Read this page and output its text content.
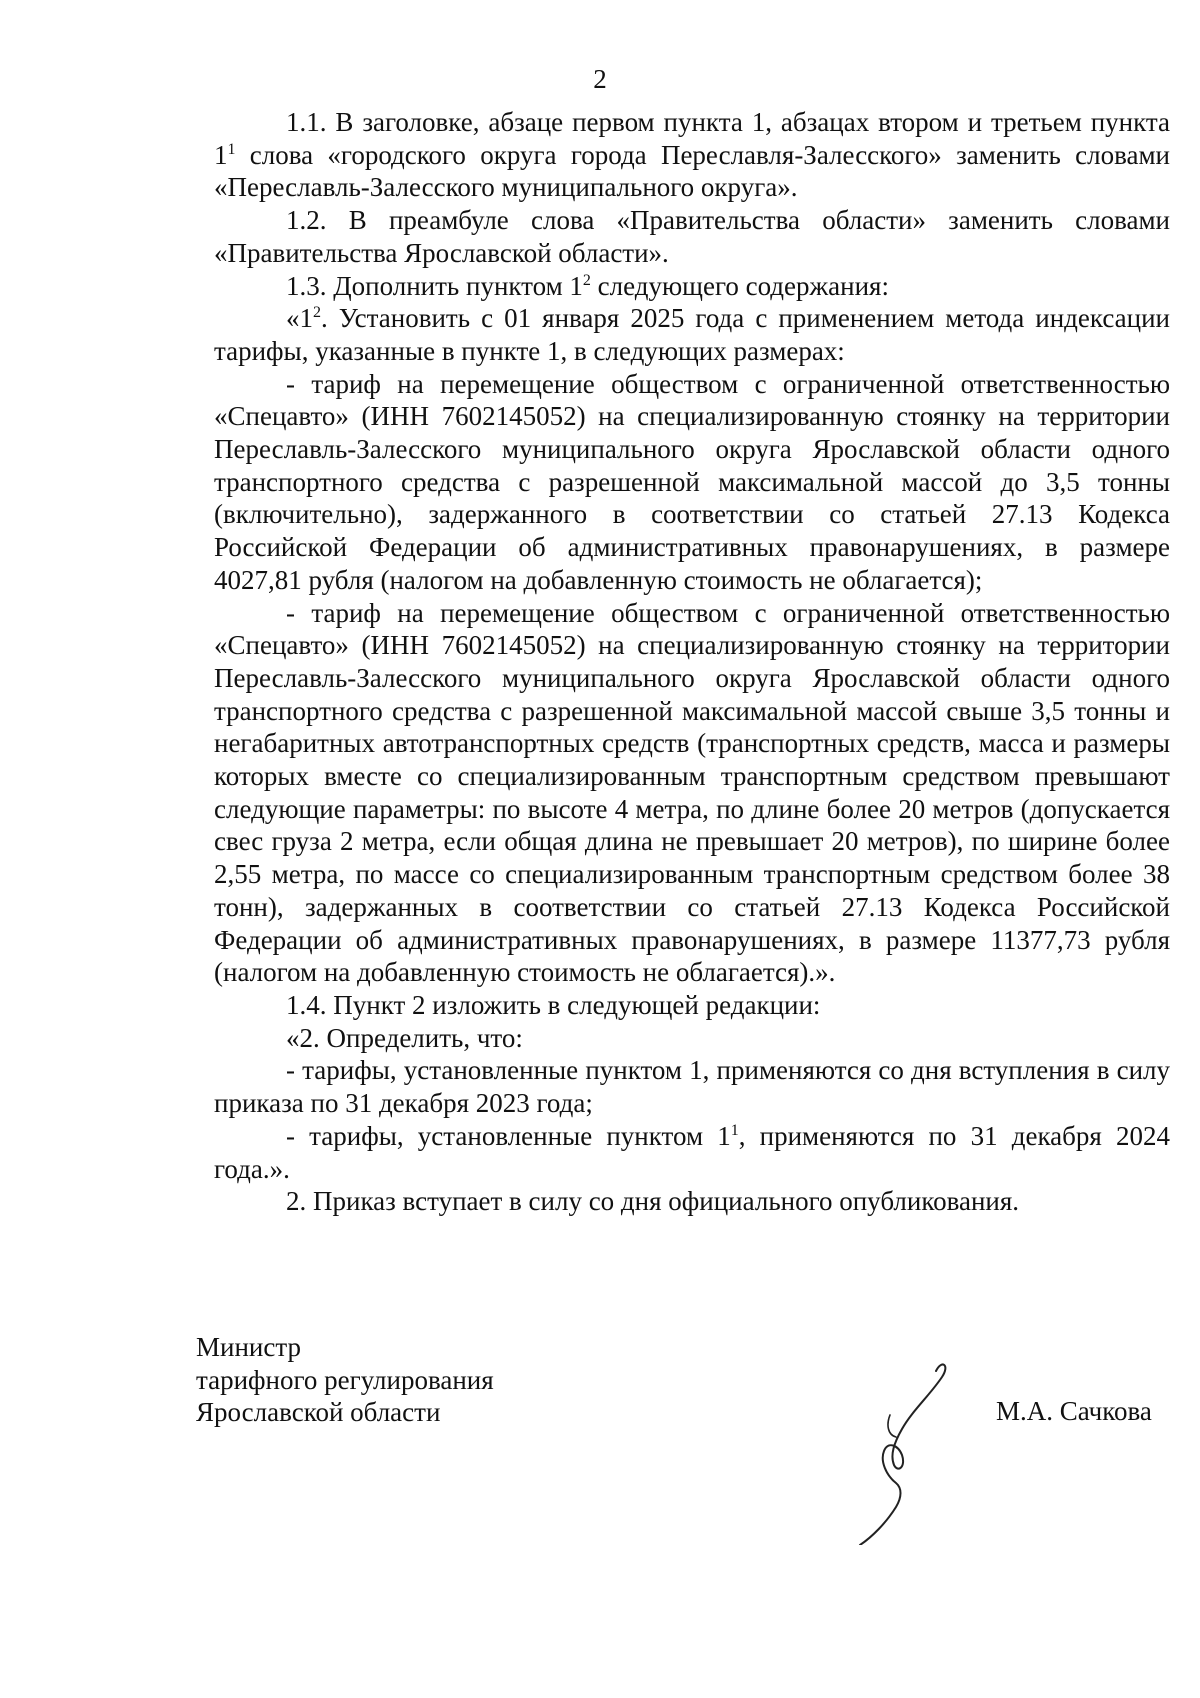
2

1.1. В заголовке, абзаце первом пункта 1, абзацах втором и третьем пункта $1^1$ слова «городского округа города Переславля-Залесского» заменить словами «Переславль-Залесского муниципального округа».

1.2. В преамбуле слова «Правительства области» заменить словами «Правительства Ярославской области».

1.3. Дополнить пунктом $1^2$ следующего содержания:

«$1^2$. Установить с 01 января 2025 года с применением метода индексации тарифы, указанные в пункте 1, в следующих размерах:

- тариф на перемещение обществом с ограниченной ответственностью «Спецавто» (ИНН 7602145052) на специализированную стоянку на территории Переславль-Залесского муниципального округа Ярославской области одного транспортного средства с разрешенной максимальной массой до 3,5 тонны (включительно), задержанного в соответствии со статьей 27.13 Кодекса Российской Федерации об административных правонарушениях, в размере 4027,81 рубля (налогом на добавленную стоимость не облагается);

- тариф на перемещение обществом с ограниченной ответственностью «Спецавто» (ИНН 7602145052) на специализированную стоянку на территории Переславль-Залесского муниципального округа Ярославской области одного транспортного средства с разрешенной максимальной массой свыше 3,5 тонны и негабаритных автотранспортных средств (транспортных средств, масса и размеры которых вместе со специализированным транспортным средством превышают следующие параметры: по высоте 4 метра, по длине более 20 метров (допускается свес груза 2 метра, если общая длина не превышает 20 метров), по ширине более 2,55 метра, по массе со специализированным транспортным средством более 38 тонн), задержанных в соответствии со статьей 27.13 Кодекса Российской Федерации об административных правонарушениях, в размере 11377,73 рубля (налогом на добавленную стоимость не облагается).».

1.4. Пункт 2 изложить в следующей редакции:

«2. Определить, что:

- тарифы, установленные пунктом 1, применяются со дня вступления в силу приказа по 31 декабря 2023 года;

- тарифы, установленные пунктом $1^1$, применяются по 31 декабря 2024 года.».

2. Приказ вступает в силу со дня официального опубликования.

Министр
тарифного регулирования
Ярославской области	М.А. Сачкова
